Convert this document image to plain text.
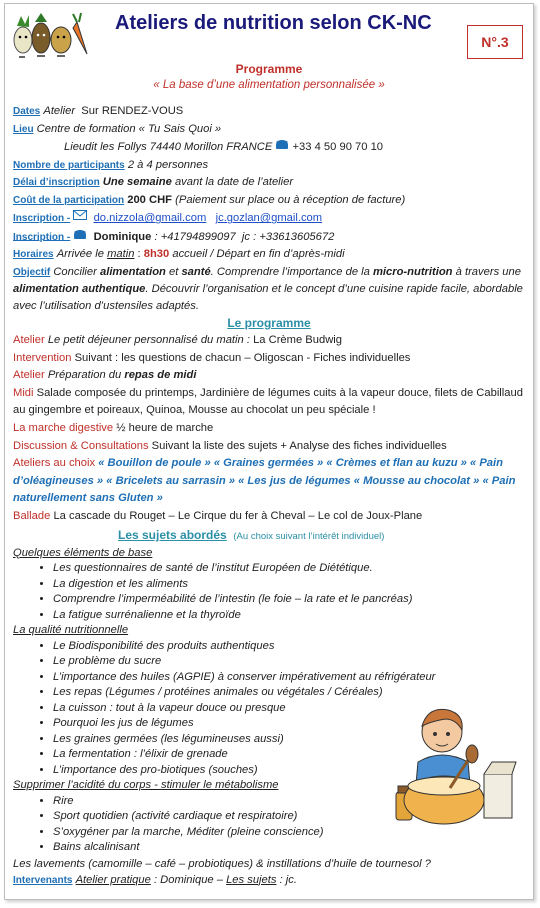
Ateliers de nutrition selon CK-NC
N°.3
Programme
« La base d’une alimentation personnalisée »
Dates Atelier Sur RENDEZ-VOUS
Lieu Centre de formation « Tu Sais Quoi »
Lieudit les Follys 74440 Morillon FRANCE +33 4 50 90 70 10
Nombre de participants 2 à 4 personnes
Délai d’inscription Une semaine avant la date de l’atelier
Coût de la participation 200 CHF (Paiement sur place ou à réception de facture)
Inscription - do.nizzola@gmail.com jc.gozlan@gmail.com
Inscription - Dominique : +41794899097 jc : +33613605672
Horaires Arrivée le matin : 8h30 accueil / Départ en fin d’après-midi
Objectif Concilier alimentation et santé. Comprendre l’importance de la micro-nutrition à travers une alimentation authentique. Découvrir l’organisation et le concept d’une cuisine rapide facile, abordable avec l’utilisation d’ustensiles adaptés.
Le programme
Atelier Le petit déjeuner personnalisé du matin : La Crème Budwig
Intervention Suivant : les questions de chacun – Oligoscan - Fiches individuelles
Atelier Préparation du repas de midi
Midi Salade composée du printemps, Jardinière de légumes cuits à la vapeur douce, filets de Cabillaud au gingembre et poireaux, Quinoa, Mousse au chocolat un peu spéciale !
La marche digestive ½ heure de marche
Discussion & Consultations Suivant la liste des sujets + Analyse des fiches individuelles
Ateliers au choix « Bouillon de poule » « Graines germées » « Crèmes et flan au kuzu » « Pain d’oléagineuses » « Bricelets au sarrasin » « Les jus de légumes « Mousse au chocolat » « Pain naturellement sans Gluten »
Ballade La cascade du Rouget – Le Cirque du fer à Cheval – Le col de Joux-Plane
Les sujets abordés (Au choix suivant l’intérêt individuel)
Quelques éléments de base
• Les questionnaires de santé de l’institut Européen de Diététique.
• La digestion et les aliments
• Comprendre l’imperméabilité de l’intestin (le foie – la rate et le pancréas)
• La fatigue surrénalienne et la thyroïde
La qualité nutritionnelle
• Le Biodisponibilité des produits authentiques
• Le problème du sucre
• L’importance des huiles (AGPIE) à conserver impérativement au réfrigérateur
• Les repas (Légumes / protéines animales ou végétales / Céréales)
• La cuisson : tout à la vapeur douce ou presque
• Pourquoi les jus de légumes
• Les graines germées (les légumineuses aussi)
• La fermentation : l’élixir de grenade
• L’importance des pro-biotiques (souches)
Supprimer l’acidité du corps - stimuler le métabolisme
• Rire
• Sport quotidien (activité cardiaque et respiratoire)
• S’oxygéner par la marche, Méditer (pleine conscience)
• Bains alcalinisant
Les lavements (camomille – café – probiotiques) & instillations d’huile de tournesol ?
Intervenants Atelier pratique : Dominique – Les sujets : jc.
